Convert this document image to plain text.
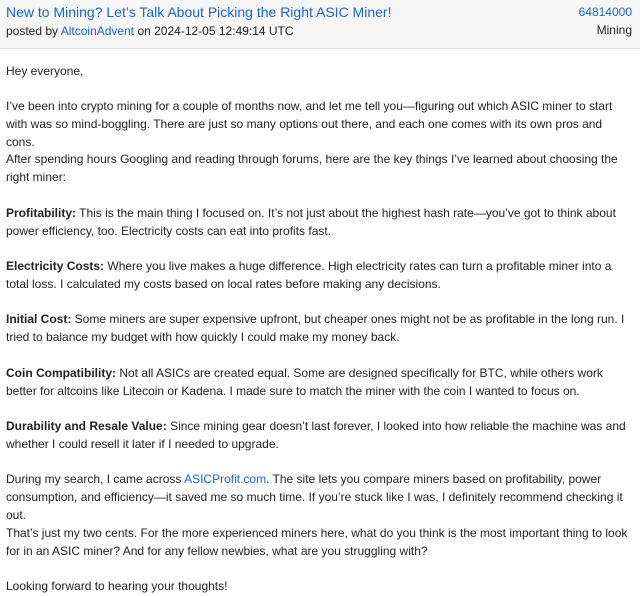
New to Mining? Let’s Talk About Picking the Right ASIC Miner!
posted by AltcoinAdvent on 2024-12-05 12:49:14 UTC
64814000
Mining

Hey everyone,

I’ve been into crypto mining for a couple of months now, and let me tell you—figuring out which ASIC miner to start with was so mind-boggling. There are just so many options out there, and each one comes with its own pros and cons.

After spending hours Googling and reading through forums, here are the key things I’ve learned about choosing the right miner:

Profitability: This is the main thing I focused on. It’s not just about the highest hash rate—you’ve got to think about power efficiency, too. Electricity costs can eat into profits fast.

Electricity Costs: Where you live makes a huge difference. High electricity rates can turn a profitable miner into a total loss. I calculated my costs based on local rates before making any decisions.

Initial Cost: Some miners are super expensive upfront, but cheaper ones might not be as profitable in the long run. I tried to balance my budget with how quickly I could make my money back.

Coin Compatibility: Not all ASICs are created equal. Some are designed specifically for BTC, while others work better for altcoins like Litecoin or Kadena. I made sure to match the miner with the coin I wanted to focus on.

Durability and Resale Value: Since mining gear doesn’t last forever, I looked into how reliable the machine was and whether I could resell it later if I needed to upgrade.

During my search, I came across ASICProfit.com. The site lets you compare miners based on profitability, power consumption, and efficiency—it saved me so much time. If you’re stuck like I was, I definitely recommend checking it out.

That’s just my two cents. For the more experienced miners here, what do you think is the most important thing to look for in an ASIC miner? And for any fellow newbies, what are you struggling with?

Looking forward to hearing your thoughts!
